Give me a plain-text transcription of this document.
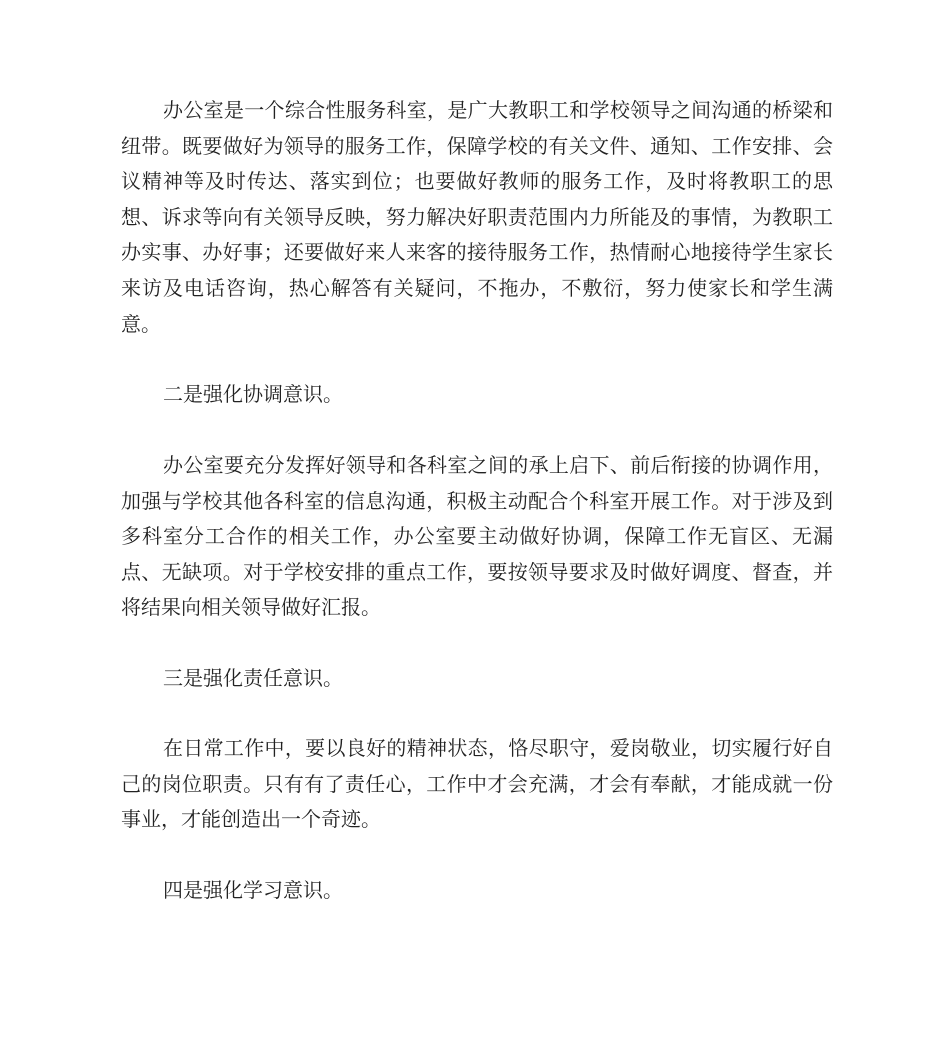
办公室是一个综合性服务科室，是广大教职工和学校领导之间沟通的桥梁和纽带。既要做好为领导的服务工作，保障学校的有关文件、通知、工作安排、会议精神等及时传达、落实到位；也要做好教师的服务工作，及时将教职工的思想、诉求等向有关领导反映，努力解决好职责范围内力所能及的事情，为教职工办实事、办好事；还要做好来人来客的接待服务工作，热情耐心地接待学生家长来访及电话咨询，热心解答有关疑问，不拖办，不敷衍，努力使家长和学生满意。

二是强化协调意识。

办公室要充分发挥好领导和各科室之间的承上启下、前后衔接的协调作用，加强与学校其他各科室的信息沟通，积极主动配合个科室开展工作。对于涉及到多科室分工合作的相关工作，办公室要主动做好协调，保障工作无盲区、无漏点、无缺项。对于学校安排的重点工作，要按领导要求及时做好调度、督查，并将结果向相关领导做好汇报。

三是强化责任意识。

在日常工作中，要以良好的精神状态，恪尽职守，爱岗敬业，切实履行好自己的岗位职责。只有有了责任心，工作中才会充满，才会有奉献，才能成就一份事业，才能创造出一个奇迹。

四是强化学习意识。
